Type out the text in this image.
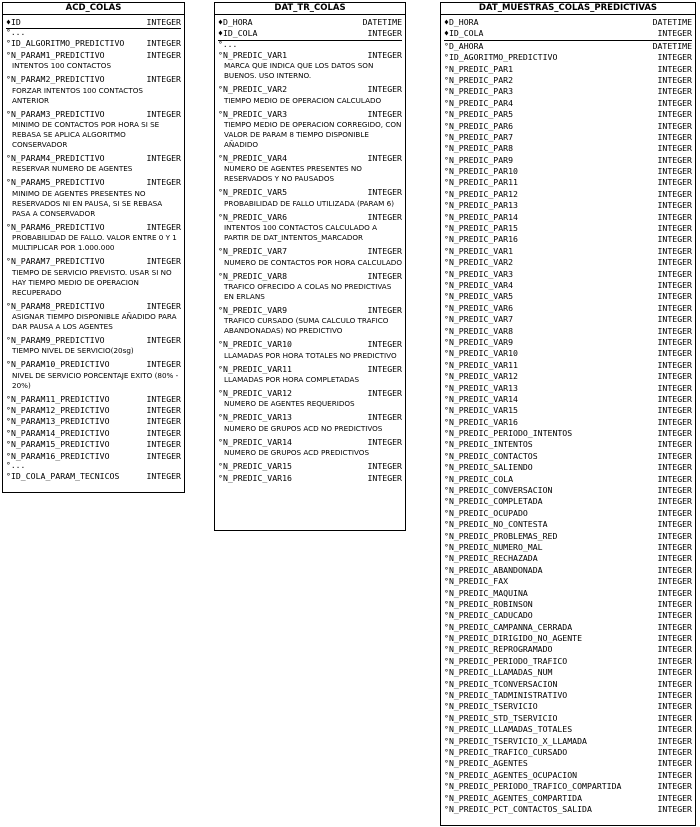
ACD_COLAS
♦ID	INTEGER
°...
°ID_ALGORITMO_PREDICTIVO	INTEGER
°N_PARAM1_PREDICTIVO	INTEGER
INTENTOS 100 CONTACTOS
°N_PARAM2_PREDICTIVO	INTEGER
FORZAR INTENTOS 100 CONTACTOS ANTERIOR
°N_PARAM3_PREDICTIVO	INTEGER
MINIMO DE CONTACTOS POR HORA SI SE REBASA SE APLICA ALGORITMO CONSERVADOR
°N_PARAM4_PREDICTIVO	INTEGER
RESERVAR NUMERO DE AGENTES
°N_PARAM5_PREDICTIVO	INTEGER
MINIMO DE AGENTES PRESENTES NO RESERVADOS NI EN PAUSA, SI SE REBASA PASA A CONSERVADOR
°N_PARAM6_PREDICTIVO	INTEGER
PROBABILIDAD DE FALLO. VALOR ENTRE 0 Y 1 MULTIPLICAR POR 1.000.000
°N_PARAM7_PREDICTIVO	INTEGER
TIEMPO DE SERVICIO PREVISTO. USAR SI NO HAY TIEMPO MEDIO DE OPERACION RECUPERADO
°N_PARAM8_PREDICTIVO	INTEGER
ASIGNAR TIEMPO DISPONIBLE AÑADIDO PARA DAR PAUSA A LOS AGENTES
°N_PARAM9_PREDICTIVO	INTEGER
TIEMPO NIVEL DE SERVICIO(20sg)
°N_PARAM10_PREDICTIVO	INTEGER
NIVEL DE SERVICIO PORCENTAJE EXITO (80% - 20%)
°N_PARAM11_PREDICTIVO	INTEGER
°N_PARAM12_PREDICTIVO	INTEGER
°N_PARAM13_PREDICTIVO	INTEGER
°N_PARAM14_PREDICTIVO	INTEGER
°N_PARAM15_PREDICTIVO	INTEGER
°N_PARAM16_PREDICTIVO	INTEGER
°...
°ID_COLA_PARAM_TECNICOS	INTEGER
DAT_TR_COLAS
♦D_HORA	DATETIME
♦ID_COLA	INTEGER
°...
°N_PREDIC_VAR1	INTEGER
MARCA QUE INDICA QUE LOS DATOS SON BUENOS. USO INTERNO.
°N_PREDIC_VAR2	INTEGER
TIEMPO MEDIO DE OPERACION CALCULADO
°N_PREDIC_VAR3	INTEGER
TIEMPO MEDIO DE OPERACION CORREGIDO, CON VALOR DE PARAM 8 TIEMPO DISPONIBLE AÑADIDO
°N_PREDIC_VAR4	INTEGER
NUMERO DE AGENTES PRESENTES NO RESERVADOS Y NO PAUSADOS
°N_PREDIC_VAR5	INTEGER
PROBABILIDAD DE FALLO UTILIZADA (PARAM 6)
°N_PREDIC_VAR6	INTEGER
INTENTOS 100 CONTACTOS CALCULADO A PARTIR DE DAT_INTENTOS_MARCADOR
°N_PREDIC_VAR7	INTEGER
NUMERO DE CONTACTOS POR HORA CALCULADO
°N_PREDIC_VAR8	INTEGER
TRAFICO OFRECIDO A COLAS NO PREDICTIVAS EN ERLANS
°N_PREDIC_VAR9	INTEGER
TRAFICO CURSADO (SUMA CALCULO TRAFICO ABANDONADAS) NO PREDICTIVO
°N_PREDIC_VAR10	INTEGER
LLAMADAS POR HORA TOTALES NO PREDICTIVO
°N_PREDIC_VAR11	INTEGER
LLAMADAS POR HORA COMPLETADAS
°N_PREDIC_VAR12	INTEGER
NUMERO DE AGENTES REQUERIDOS
°N_PREDIC_VAR13	INTEGER
NUMERO DE GRUPOS ACD NO PREDICTIVOS
°N_PREDIC_VAR14	INTEGER
NUMERO DE GRUPOS ACD PREDICTIVOS
°N_PREDIC_VAR15	INTEGER
°N_PREDIC_VAR16	INTEGER
DAT_MUESTRAS_COLAS_PREDICTIVAS
♦D_HORA	DATETIME
♦ID_COLA	INTEGER
°D_AHORA	DATETIME
°ID_AGORITMO_PREDICTIVO	INTEGER
°N_PREDIC_PAR1	INTEGER
°N_PREDIC_PAR2	INTEGER
°N_PREDIC_PAR3	INTEGER
°N_PREDIC_PAR4	INTEGER
°N_PREDIC_PAR5	INTEGER
°N_PREDIC_PAR6	INTEGER
°N_PREDIC_PAR7	INTEGER
°N_PREDIC_PAR8	INTEGER
°N_PREDIC_PAR9	INTEGER
°N_PREDIC_PAR10	INTEGER
°N_PREDIC_PAR11	INTEGER
°N_PREDIC_PAR12	INTEGER
°N_PREDIC_PAR13	INTEGER
°N_PREDIC_PAR14	INTEGER
°N_PREDIC_PAR15	INTEGER
°N_PREDIC_PAR16	INTEGER
°N_PREDIC_VAR1	INTEGER
°N_PREDIC_VAR2	INTEGER
°N_PREDIC_VAR3	INTEGER
°N_PREDIC_VAR4	INTEGER
°N_PREDIC_VAR5	INTEGER
°N_PREDIC_VAR6	INTEGER
°N_PREDIC_VAR7	INTEGER
°N_PREDIC_VAR8	INTEGER
°N_PREDIC_VAR9	INTEGER
°N_PREDIC_VAR10	INTEGER
°N_PREDIC_VAR11	INTEGER
°N_PREDIC_VAR12	INTEGER
°N_PREDIC_VAR13	INTEGER
°N_PREDIC_VAR14	INTEGER
°N_PREDIC_VAR15	INTEGER
°N_PREDIC_VAR16	INTEGER
°N_PREDIC_PERIODO_INTENTOS	INTEGER
°N_PREDIC_INTENTOS	INTEGER
°N_PREDIC_CONTACTOS	INTEGER
°N_PREDIC_SALIENDO	INTEGER
°N_PREDIC_COLA	INTEGER
°N_PREDIC_CONVERSACION	INTEGER
°N_PREDIC_COMPLETADA	INTEGER
°N_PREDIC_OCUPADO	INTEGER
°N_PREDIC_NO_CONTESTA	INTEGER
°N_PREDIC_PROBLEMAS_RED	INTEGER
°N_PREDIC_NUMERO_MAL	INTEGER
°N_PREDIC_RECHAZADA	INTEGER
°N_PREDIC_ABANDONADA	INTEGER
°N_PREDIC_FAX	INTEGER
°N_PREDIC_MAQUINA	INTEGER
°N_PREDIC_ROBINSON	INTEGER
°N_PREDIC_CADUCADO	INTEGER
°N_PREDIC_CAMPANNA_CERRADA	INTEGER
°N_PREDIC_DIRIGIDO_NO_AGENTE	INTEGER
°N_PREDIC_REPROGRAMADO	INTEGER
°N_PREDIC_PERIODO_TRAFICO	INTEGER
°N_PREDIC_LLAMADAS_NUM	INTEGER
°N_PREDIC_TCONVERSACION	INTEGER
°N_PREDIC_TADMINISTRATIVO	INTEGER
°N_PREDIC_TSERVICIO	INTEGER
°N_PREDIC_STD_TSERVICIO	INTEGER
°N_PREDIC_LLAMADAS_TOTALES	INTEGER
°N_PREDIC_TSERVICIO_X_LLAMADA	INTEGER
°N_PREDIC_TRAFICO_CURSADO	INTEGER
°N_PREDIC_AGENTES	INTEGER
°N_PREDIC_AGENTES_OCUPACION	INTEGER
°N_PREDIC_PERIODO_TRAFICO_COMPARTIDA	INTEGER
°N_PREDIC_AGENTES_COMPARTIDA	INTEGER
°N_PREDIC_PCT_CONTACTOS_SALIDA	INTEGER
